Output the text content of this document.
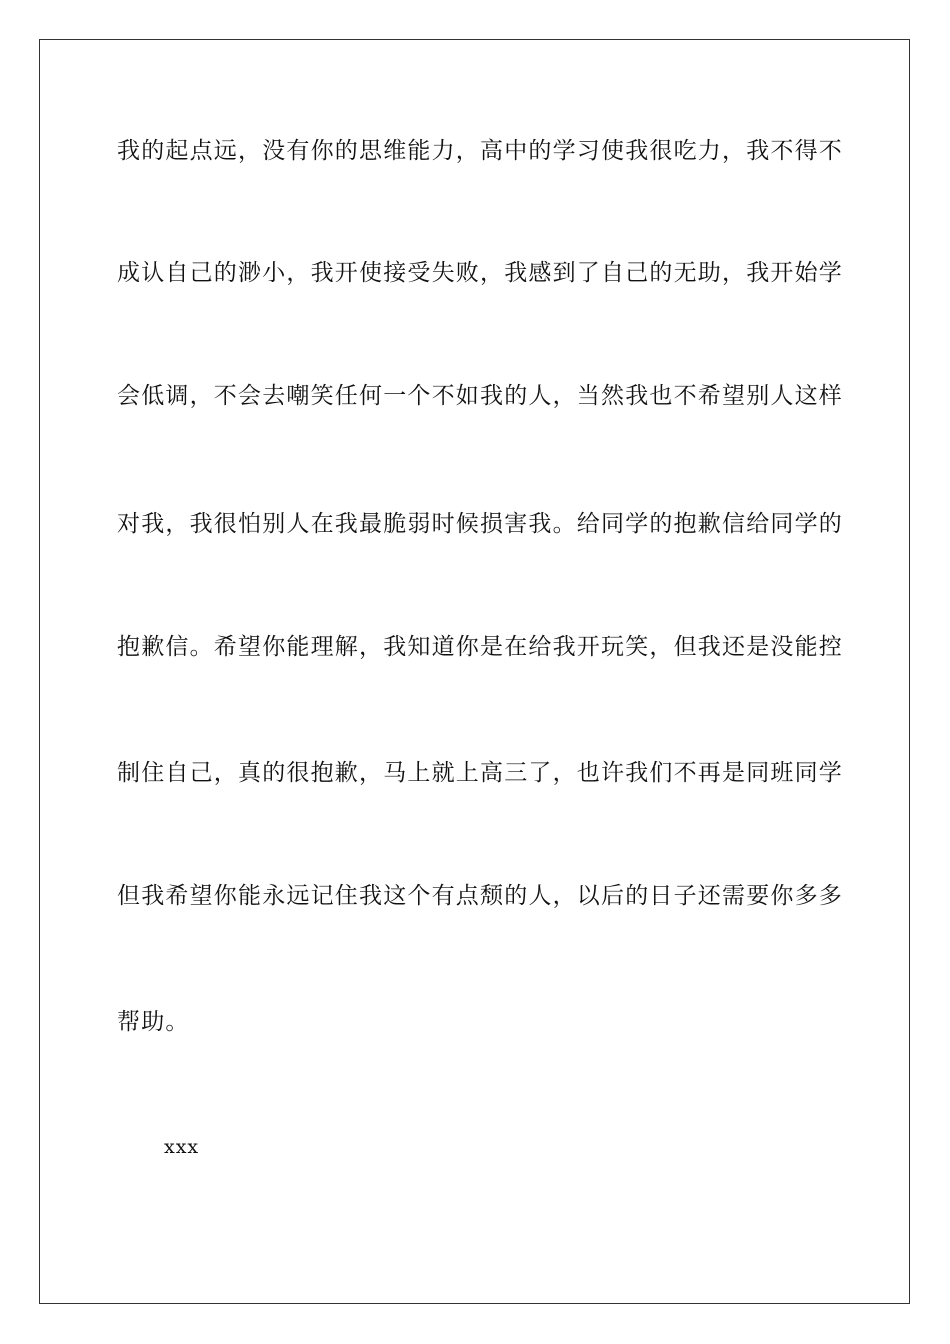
我的起点远，没有你的思维能力，高中的学习使我很吃力，我不得不
成认自己的渺小，我开使接受失败，我感到了自己的无助，我开始学
会低调，不会去嘲笑任何一个不如我的人，当然我也不希望别人这样
对我，我很怕别人在我最脆弱时候损害我。给同学的抱歉信给同学的
抱歉信。希望你能理解，我知道你是在给我开玩笑，但我还是没能控
制住自己，真的很抱歉，马上就上高三了，也许我们不再是同班同学
但我希望你能永远记住我这个有点颓的人，以后的日子还需要你多多
帮助。
xxx
